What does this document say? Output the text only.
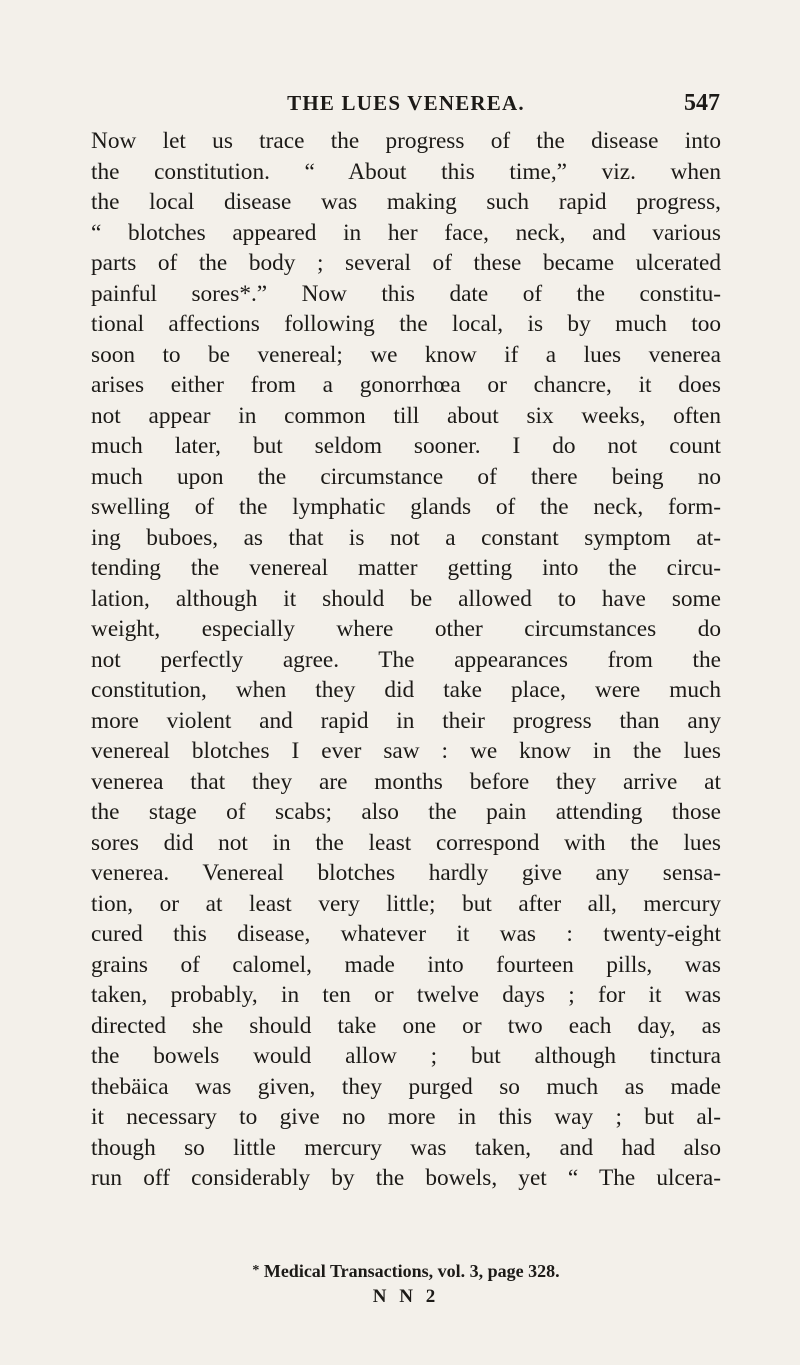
THE LUES VENEREA.	547
Now let us trace the progress of the disease into
the constitution. “ About this time,” viz. when
the local disease was making such rapid progress,
“ blotches appeared in her face, neck, and various
parts of the body ; several of these became ulcerated
painful sores*.” Now this date of the constitu-
tional affections following the local, is by much too
soon to be venereal; we know if a lues venerea
arises either from a gonorrhœa or chancre, it does
not appear in common till about six weeks, often
much later, but seldom sooner. I do not count
much upon the circumstance of there being no
swelling of the lymphatic glands of the neck, form-
ing buboes, as that is not a constant symptom at-
tending the venereal matter getting into the circu-
lation, although it should be allowed to have some
weight, especially where other circumstances do
not perfectly agree. The appearances from the
constitution, when they did take place, were much
more violent and rapid in their progress than any
venereal blotches I ever saw : we know in the lues
venerea that they are months before they arrive at
the stage of scabs; also the pain attending those
sores did not in the least correspond with the lues
venerea. Venereal blotches hardly give any sensa-
tion, or at least very little; but after all, mercury
cured this disease, whatever it was : twenty-eight
grains of calomel, made into fourteen pills, was
taken, probably, in ten or twelve days ; for it was
directed she should take one or two each day, as
the bowels would allow ; but although tinctura
thebäica was given, they purged so much as made
it necessary to give no more in this way ; but al-
though so little mercury was taken, and had also
run off considerably by the bowels, yet “ The ulcera-
* Medical Transactions, vol. 3, page 328.
N N 2
